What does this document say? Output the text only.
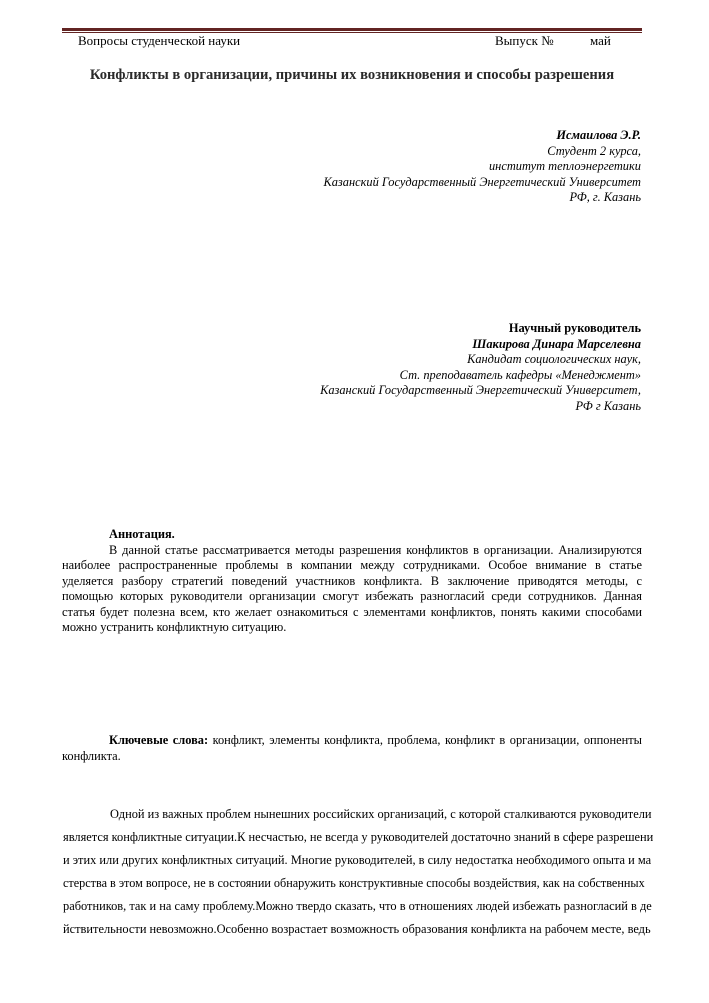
Вопросы студенческой науки	Выпуск №	май
Конфликты в организации, причины их возникновения и способы разрешения
Исмаилова Э.Р.
Студент 2 курса,
институт теплоэнергетики
Казанский Государственный Энергетический Университет
РФ, г. Казань
Научный руководитель
Шакирова Динара Марселевна
Кандидат социологических наук,
Ст. преподаватель кафедры «Менеджмент»
Казанский Государственный Энергетический Университет,
РФ г Казань
Аннотация.

В данной статье рассматривается методы разрешения конфликтов в организации. Анализируются наиболее распространенные проблемы в компании между сотрудниками. Особое внимание в статье уделяется разбору стратегий поведений участников конфликта. В заключение приводятся методы, с помощью которых руководители организации смогут избежать разногласий среди сотрудников. Данная статья будет полезна всем, кто желает ознакомиться с элементами конфликтов, понять какими способами можно устранить конфликтную ситуацию.

Ключевые слова: конфликт, элементы конфликта, проблема, конфликт в организации, оппоненты конфликта.

Одной из важных проблем нынешних российских организаций, с которой сталкиваются руководители
является конфликтные ситуации.К несчастью, не всегда у руководителей достаточно знаний в сфере разрешени
и этих или других конфликтных ситуаций. Многие руководителей, в силу недостатка необходимого опыта и ма
стерства в этом вопросе, не в состоянии обнаружить конструктивные способы воздействия, как на собственных
работников, так и на саму проблему.Можно твердо сказать, что в отношениях людей избежать разногласий в де
йствительности невозможно.Особенно возрастает возможность образования конфликта на рабочем месте, ведь
